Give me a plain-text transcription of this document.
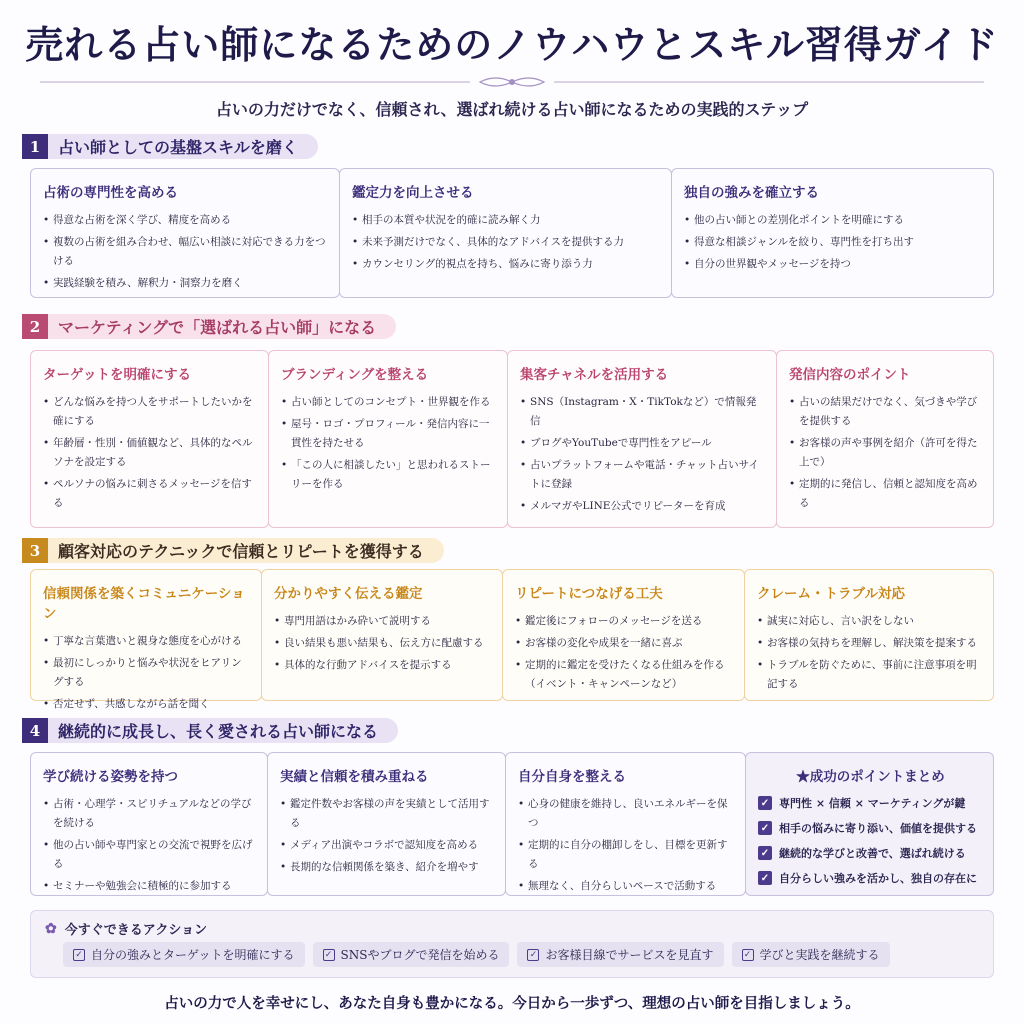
売れる占い師になるためのノウハウとスキル習得ガイド
占いの力だけでなく、信頼され、選ばれ続ける占い師になるための実践的ステップ
1	占い師としての基盤スキルを磨く
占術の専門性を高める
• 得意な占術を深く学び、精度を高める
• 複数の占術を組み合わせ、幅広い相談に対応できる力をつける
• 実践経験を積み、解釈力・洞察力を磨く
鑑定力を向上させる
• 相手の本質や状況を的確に読み解く力
• 未来予測だけでなく、具体的なアドバイスを提供する力
• カウンセリング的視点を持ち、悩みに寄り添う力
独自の強みを確立する
• 他の占い師との差別化ポイントを明確にする
• 得意な相談ジャンルを絞り、専門性を打ち出す
• 自分の世界観やメッセージを持つ
2	マーケティングで「選ばれる占い師」になる
ターゲットを明確にする
• どんな悩みを持つ人をサポートしたいかを確にする
• 年齢層・性別・価値観など、具体的なペルソナを設定する
• ペルソナの悩みに刺さるメッセージを信する
ブランディングを整える
• 占い師としてのコンセプト・世界観を作る
• 屋号・ロゴ・プロフィール・発信内容に一貫性を持たせる
• 「この人に相談したい」と思われるストーリーを作る
集客チャネルを活用する
• SNS（Instagram・X・TikTokなど）で情報発信
• ブログやYouTubeで専門性をアピール
• 占いプラットフォームや電話・チャット占いサイトに登録
• メルマガやLINE公式でリピーターを育成
発信内容のポイント
• 占いの結果だけでなく、気づきや学びを提供する
• お客様の声や事例を紹介（許可を得た上で）
• 定期的に発信し、信頼と認知度を高める
3	顧客対応のテクニックで信頼とリピートを獲得する
信頼関係を築くコミュニケーション
• 丁寧な言葉遣いと親身な態度を心がける
• 最初にしっかりと悩みや状況をヒアリングする
• 否定せず、共感しながら話を聞く
分かりやすく伝える鑑定
• 専門用語はかみ砕いて説明する
• 良い結果も悪い結果も、伝え方に配慮する
• 具体的な行動アドバイスを提示する
リピートにつなげる工夫
• 鑑定後にフォローのメッセージを送る
• お客様の変化や成果を一緒に喜ぶ
• 定期的に鑑定を受けたくなる仕組みを作る（イベント・キャンペーンなど）
クレーム・トラブル対応
• 誠実に対応し、言い訳をしない
• お客様の気持ちを理解し、解決策を提案する
• トラブルを防ぐために、事前に注意事項を明記する
4	継続的に成長し、長く愛される占い師になる
学び続ける姿勢を持つ
• 占術・心理学・スピリチュアルなどの学びを続ける
• 他の占い師や専門家との交流で視野を広げる
• セミナーや勉強会に積極的に参加する
実績と信頼を積み重ねる
• 鑑定件数やお客様の声を実績として活用する
• メディア出演やコラボで認知度を高める
• 長期的な信頼関係を築き、紹介を増やす
自分自身を整える
• 心身の健康を維持し、良いエネルギーを保つ
• 定期的に自分の棚卸しをし、目標を更新する
• 無理なく、自分らしいペースで活動する
★成功のポイントまとめ
✓ 専門性 × 信頼 × マーケティングが鍵
✓ 相手の悩みに寄り添い、価値を提供する
✓ 継続的な学びと改善で、選ばれ続ける
✓ 自分らしい強みを活かし、独自の存在に
✿ 今すぐできるアクション
✓ 自分の強みとターゲットを明確にする	✓ SNSやブログで発信を始める	✓ お客様目線でサービスを見直す	✓ 学びと実践を継続する
占いの力で人を幸せにし、あなた自身も豊かになる。今日から一歩ずつ、理想の占い師を目指しましょう。
